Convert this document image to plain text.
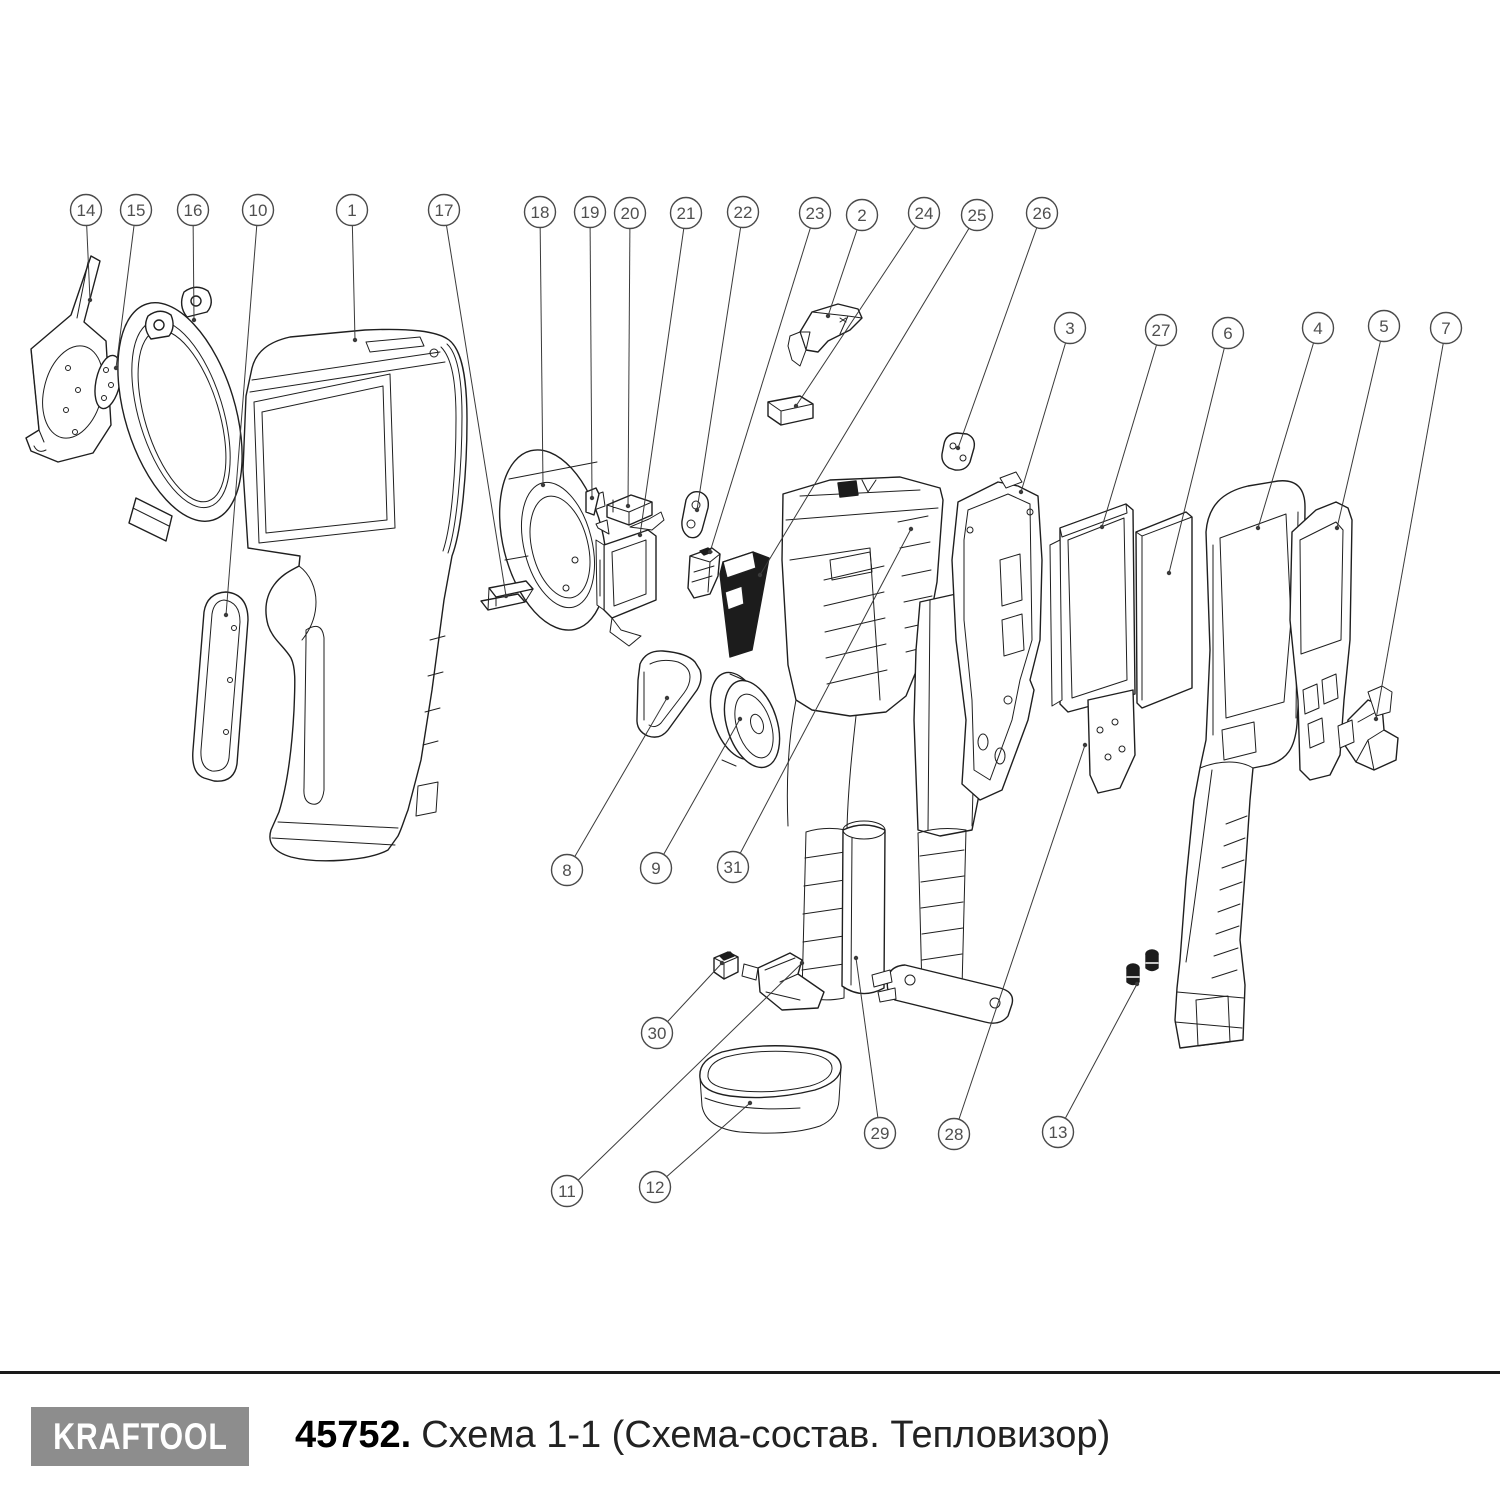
14 15 16	10	1	17	18 19 20 21 22	23 2	24 25	26
3	27	6	4	5	7
8	9	31
30
11	12
29	28	13
KRAFTOOL 45752. Схема 1-1 (Схема-состав. Тепловизор)
